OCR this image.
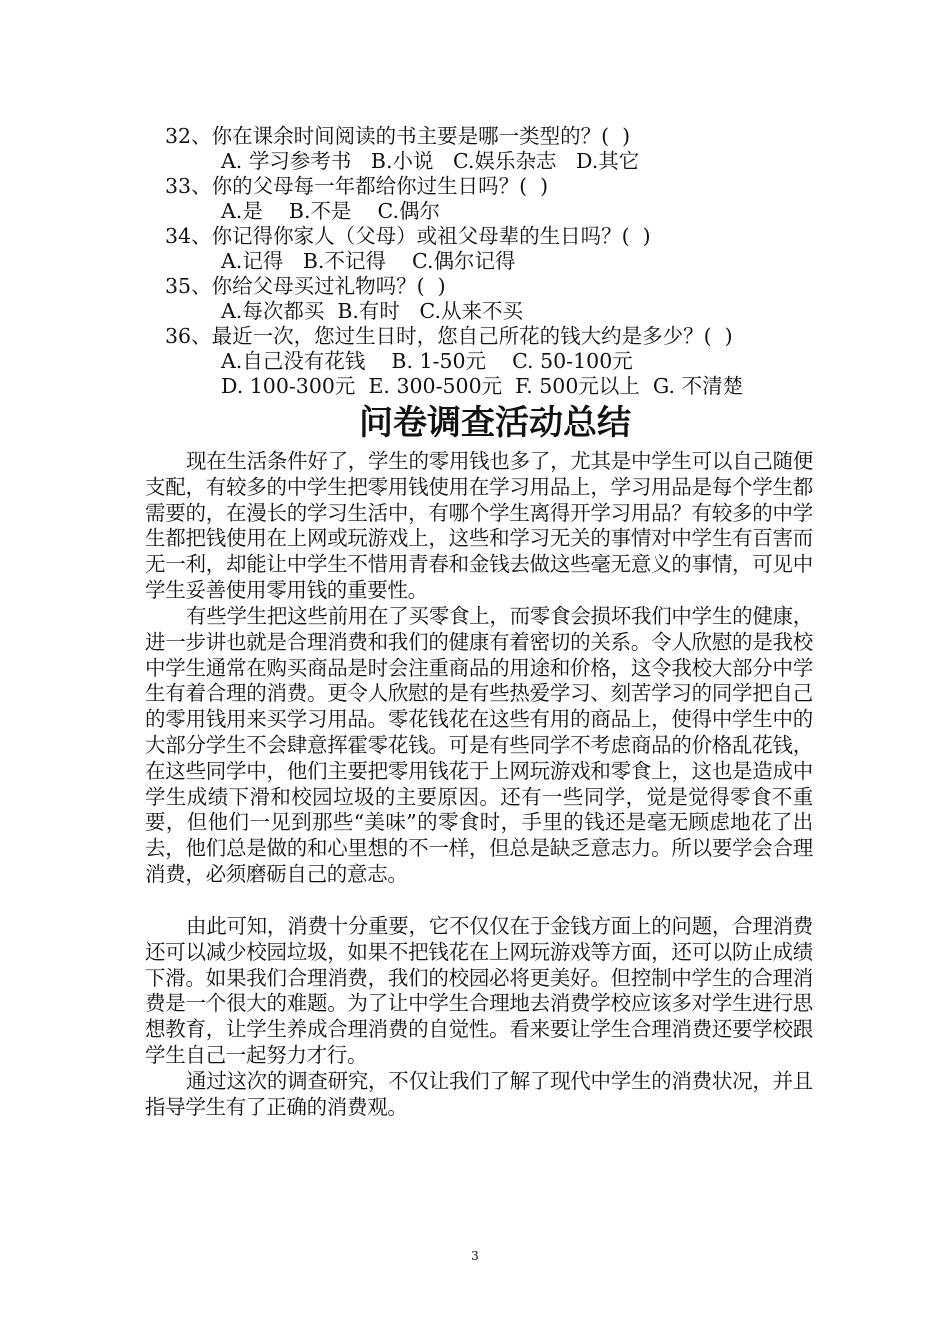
32、你在课余时间阅读的书主要是哪一类型的？(  )
A. 学习参考书   B.小说   C.娱乐杂志   D.其它
33、你的父母每一年都给你过生日吗？(  )
A.是    B.不是    C.偶尔
34、你记得你家人（父母）或祖父母辈的生日吗？(  )
A.记得   B.不记得    C.偶尔记得
35、你给父母买过礼物吗？(  )
A.每次都买  B.有时   C.从来不买
36、最近一次，您过生日时，您自己所花的钱大约是多少？(  )
A.自己没有花钱    B. 1-50元    C. 50-100元
D. 100-300元  E. 300-500元  F. 500元以上  G. 不清楚
问卷调查活动总结

现在生活条件好了，学生的零用钱也多了，尤其是中学生可以自己随便支配，有较多的中学生把零用钱使用在学习用品上，学习用品是每个学生都需要的，在漫长的学习生活中，有哪个学生离得开学习用品？有较多的中学生都把钱使用在上网或玩游戏上，这些和学习无关的事情对中学生有百害而无一利，却能让中学生不惜用青春和金钱去做这些毫无意义的事情，可见中学生妥善使用零用钱的重要性。

有些学生把这些前用在了买零食上，而零食会损坏我们中学生的健康，进一步讲也就是合理消费和我们的健康有着密切的关系。令人欣慰的是我校中学生通常在购买商品是时会注重商品的用途和价格，这令我校大部分中学生有着合理的消费。更令人欣慰的是有些热爱学习、刻苦学习的同学把自己的零用钱用来买学习用品。零花钱花在这些有用的商品上，使得中学生中的大部分学生不会肆意挥霍零花钱。可是有些同学不考虑商品的价格乱花钱，在这些同学中，他们主要把零用钱花于上网玩游戏和零食上，这也是造成中学生成绩下滑和校园垃圾的主要原因。还有一些同学，觉是觉得零食不重要，但他们一见到那些“美味”的零食时，手里的钱还是毫无顾虑地花了出去，他们总是做的和心里想的不一样，但总是缺乏意志力。所以要学会合理消费，必须磨砺自己的意志。

由此可知，消费十分重要，它不仅仅在于金钱方面上的问题，合理消费还可以减少校园垃圾，如果不把钱花在上网玩游戏等方面，还可以防止成绩下滑。如果我们合理消费，我们的校园必将更美好。但控制中学生的合理消费是一个很大的难题。为了让中学生合理地去消费学校应该多对学生进行思想教育，让学生养成合理消费的自觉性。看来要让学生合理消费还要学校跟学生自己一起努力才行。

通过这次的调查研究，不仅让我们了解了现代中学生的消费状况，并且指导学生有了正确的消费观。

3
